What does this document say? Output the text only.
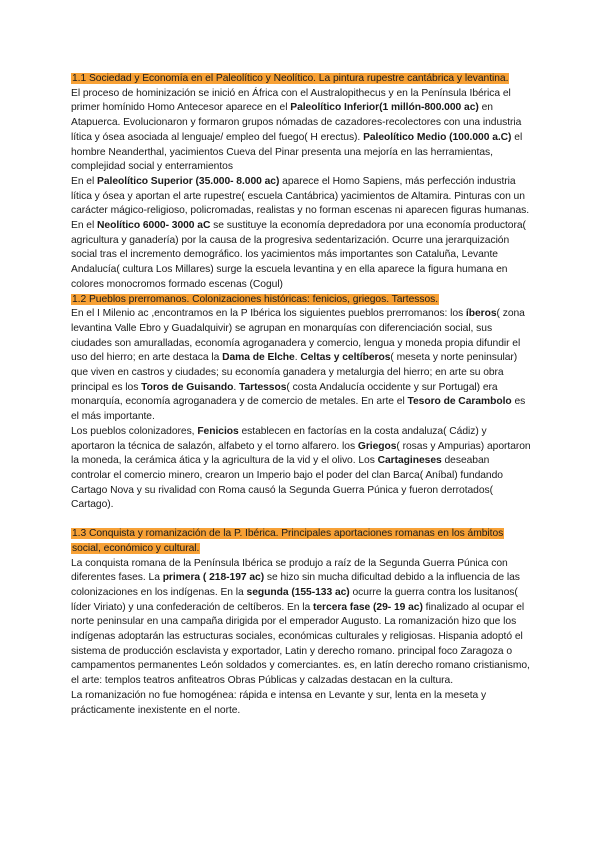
1.1 Sociedad y Economía en el Paleolítico y Neolítico. La pintura rupestre cantábrica y levantina.

El proceso de hominización se inició en África con el Australopithecus y en la Península Ibérica el primer homínido Homo Antecesor aparece en el Paleolítico Inferior(1 millón-800.000 ac) en Atapuerca. Evolucionaron y formaron grupos nómadas de cazadores-recolectores con una industria lítica y ósea asociada al lenguaje/ empleo del fuego( H erectus). Paleolítico Medio (100.000 a.C) el hombre Neanderthal, yacimientos Cueva del Pinar presenta una mejoría en las herramientas, complejidad social y enterramientos

En el Paleolítico Superior (35.000- 8.000 ac) aparece el Homo Sapiens, más perfección industria lítica y ósea y aportan el arte rupestre( escuela Cantábrica) yacimientos de Altamira. Pinturas con un carácter mágico-religioso, policromadas, realistas y no forman escenas ni aparecen figuras humanas.

En el Neolítico 6000- 3000 aC se sustituye la economía depredadora por una economía productora( agricultura y ganadería) por la causa de la progresiva sedentarización. Ocurre una jerarquización social tras el incremento demográfico. los yacimientos más importantes son Cataluña, Levante Andalucía( cultura Los Millares) surge la escuela levantina y en ella aparece la figura humana en colores monocromos formado escenas (Cogul)

1.2 Pueblos prerromanos. Colonizaciones históricas: fenicios, griegos. Tartessos.

En el I Milenio ac ,encontramos en la P Ibérica los siguientes pueblos prerromanos: los íberos( zona levantina Valle Ebro y Guadalquivir) se agrupan en monarquías con diferenciación social, sus ciudades son amuralladas, economía agroganadera y comercio, lengua y moneda propia difundir el uso del hierro; en arte destaca la Dama de Elche. Celtas y celtíberos( meseta y norte peninsular) que viven en castros y ciudades; su economía ganadera y metalurgia del hierro; en arte su obra principal es los Toros de Guisando. Tartessos( costa Andalucía occidente y sur Portugal) era monarquía, economía agroganadera y de comercio de metales. En arte el Tesoro de Carambolo es el más importante.

Los pueblos colonizadores, Fenicios establecen en factorías en la costa andaluza( Cádiz) y aportaron la técnica de salazón, alfabeto y el torno alfarero. los Griegos( rosas y Ampurias) aportaron la moneda, la cerámica ática y la agricultura de la vid y el olivo. Los Cartagineses deseaban controlar el comercio minero, crearon un Imperio bajo el poder del clan Barca( Aníbal) fundando Cartago Nova y su rivalidad con Roma causó la Segunda Guerra Púnica y fueron derrotados( Cartago).

1.3 Conquista y romanización de la P. Ibérica. Principales aportaciones romanas en los ámbitos social, económico y cultural.

La conquista romana de la Península Ibérica se produjo a raíz de la Segunda Guerra Púnica con diferentes fases. La primera ( 218-197 ac) se hizo sin mucha dificultad debido a la influencia de las colonizaciones en los indígenas. En la segunda (155-133 ac) ocurre la guerra contra los lusitanos( líder Viriato) y una confederación de celtíberos. En la tercera fase (29- 19 ac) finalizado al ocupar el norte peninsular en una campaña dirigida por el emperador Augusto. La romanización hizo que los indígenas adoptarán las estructuras sociales, económicas culturales y religiosas. Hispania adoptó el sistema de producción esclavista y exportador, Latin y derecho romano. principal foco Zaragoza o campamentos permanentes León soldados y comerciantes. es, en latín derecho romano cristianismo, el arte: templos teatros anfiteatros Obras Públicas y calzadas destacan en la cultura.

La romanización no fue homogénea: rápida e intensa en Levante y sur, lenta en la meseta y prácticamente inexistente en el norte.
